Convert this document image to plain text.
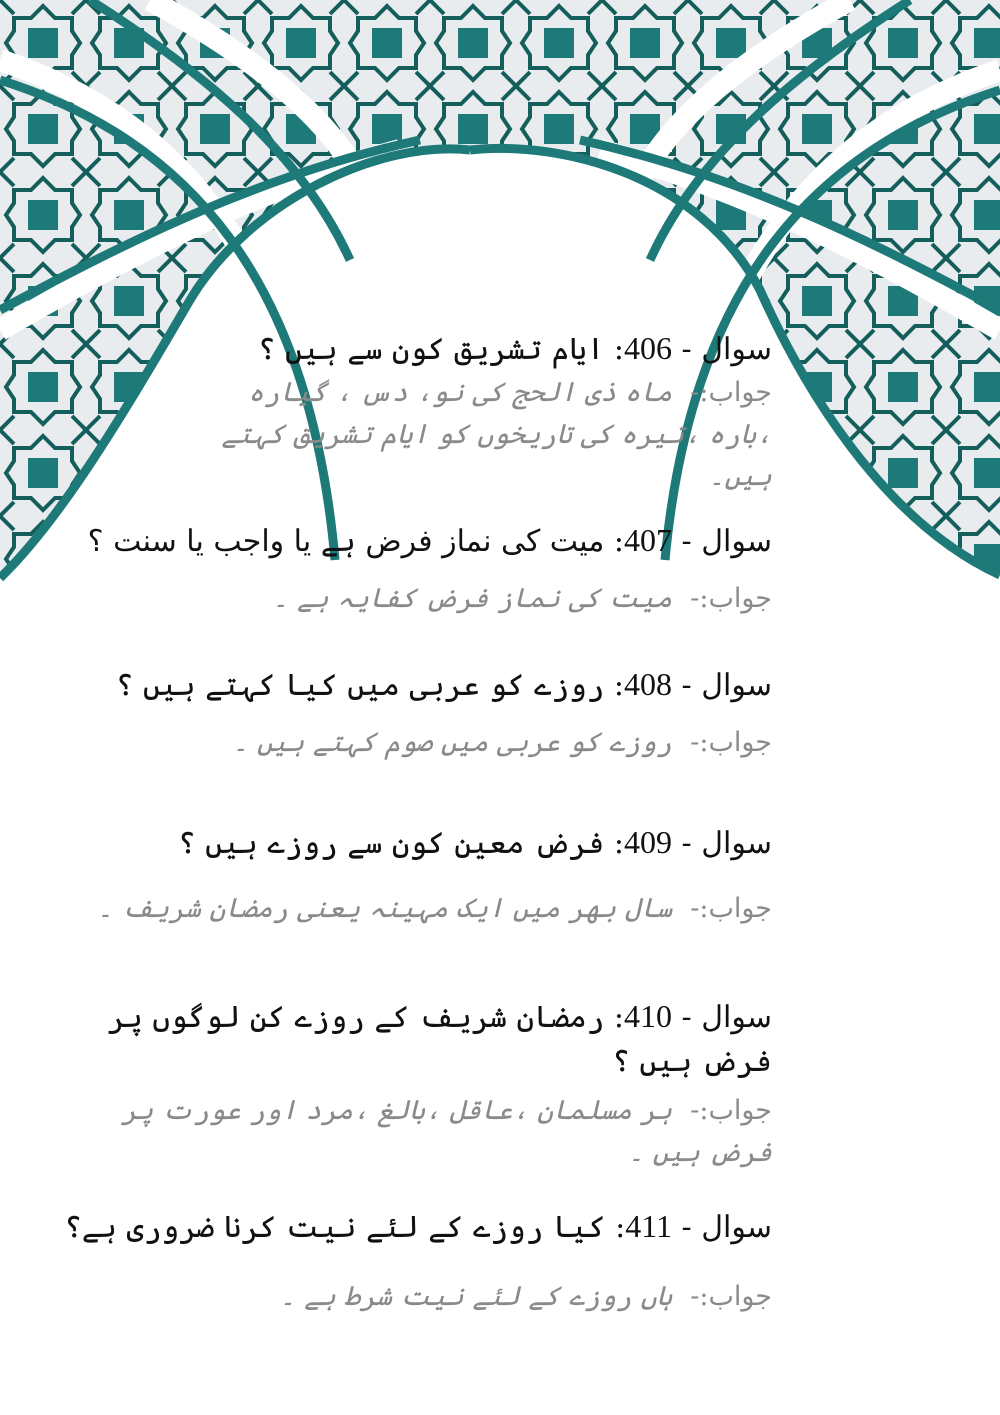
سوال - 406: ایام تشریق کون سے ہیں ؟

جواب:-ماہ ذی الحج کی نو، دس ، گیارہ ،بارہ ،تیرہ کی تاریخوں کو ایام تشریق کہتے ہیں۔

سوال - 407: میت کی نماز فرض ہے یا واجب یا سنت ؟

جواب:-میت کی نماز فرض کفایہ ہے ۔

سوال - 408: روزے کو عربی میں کیا کہتے ہیں ؟

جواب:-روزے کو عربی میں صوم کہتے ہیں ۔

سوال - 409: فرض معین کون سے روزے ہیں ؟

جواب:-سال بھر میں ایک مہینہ یعنی رمضان شریف ۔

سوال - 410: رمضان شریف کے روزے کن لوگوں پر فرض ہیں ؟

جواب:-ہر مسلمان ،عاقل ،بالغ ،مرد اور عورت پر فرض ہیں ۔

سوال - 411: کیا روزے کے لئے نیت کرنا ضروری ہے؟

جواب:-ہاں روزے کے لئے نیت شرط ہے ۔
